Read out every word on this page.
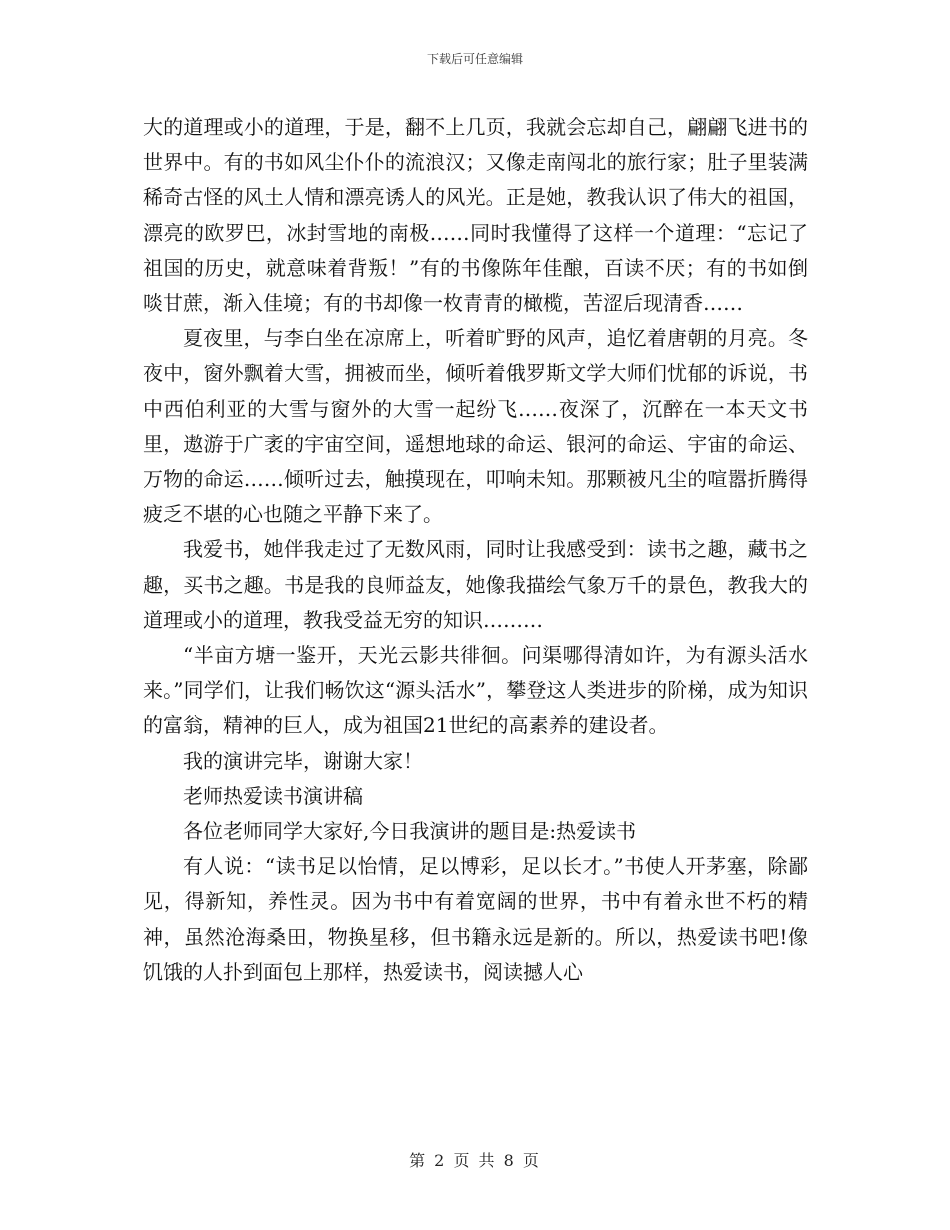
下载后可任意编辑

大的道理或小的道理，于是，翻不上几页，我就会忘却自己，翩翩飞进书的世界中。有的书如风尘仆仆的流浪汉；又像走南闯北的旅行家；肚子里装满稀奇古怪的风土人情和漂亮诱人的风光。正是她，教我认识了伟大的祖国，漂亮的欧罗巴，冰封雪地的南极……同时我懂得了这样一个道理：“忘记了祖国的历史，就意味着背叛！”有的书像陈年佳酿，百读不厌；有的书如倒啖甘蔗，渐入佳境；有的书却像一枚青青的橄榄，苦涩后现清香……

夏夜里，与李白坐在凉席上，听着旷野的风声，追忆着唐朝的月亮。冬夜中，窗外飘着大雪，拥被而坐，倾听着俄罗斯文学大师们忧郁的诉说，书中西伯利亚的大雪与窗外的大雪一起纷飞……夜深了，沉醉在一本天文书里，遨游于广袤的宇宙空间，遥想地球的命运、银河的命运、宇宙的命运、万物的命运……倾听过去，触摸现在，叩响未知。那颗被凡尘的喧嚣折腾得疲乏不堪的心也随之平静下来了。

我爱书，她伴我走过了无数风雨，同时让我感受到：读书之趣，藏书之趣，买书之趣。书是我的良师益友，她像我描绘气象万千的景色，教我大的道理或小的道理，教我受益无穷的知识………

“半亩方塘一鉴开，天光云影共徘徊。问渠哪得清如许，为有源头活水来。”同学们，让我们畅饮这“源头活水”，攀登这人类进步的阶梯，成为知识的富翁，精神的巨人，成为祖国21世纪的高素养的建设者。

我的演讲完毕，谢谢大家！

老师热爱读书演讲稿

各位老师同学大家好,今日我演讲的题目是:热爱读书

有人说：“读书足以怡情，足以博彩，足以长才。”书使人开茅塞，除鄙见，得新知，养性灵。因为书中有着宽阔的世界，书中有着永世不朽的精神，虽然沧海桑田，物换星移，但书籍永远是新的。所以，热爱读书吧!像饥饿的人扑到面包上那样，热爱读书，阅读撼人心

第 2 页 共 8 页
